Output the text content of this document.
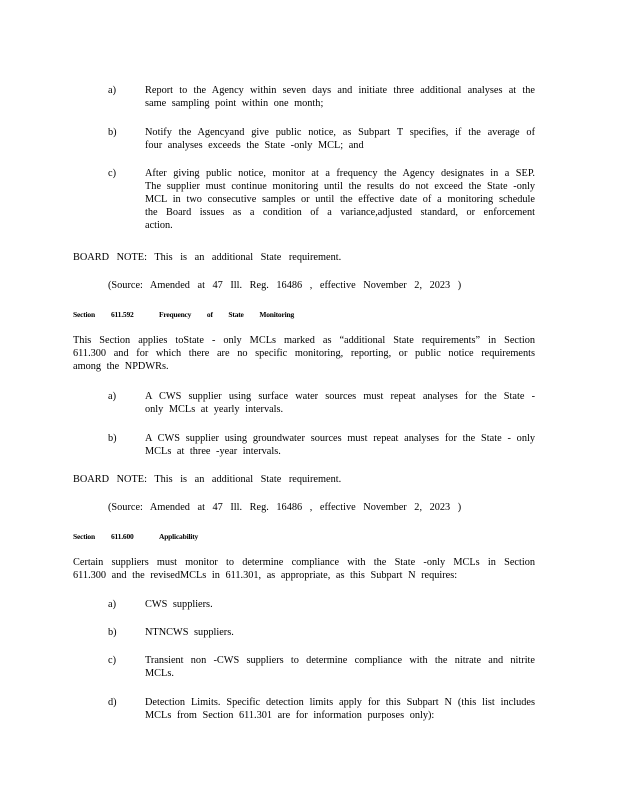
a)	Report to the Agency within seven days and initiate three additional analyses at the same sampling point within one month;
b)	Notify the Agencyand give public notice, as Subpart T specifies, if the average of four analyses exceeds the State -only MCL; and
c)	After giving public notice, monitor at a frequency the Agency designates in a SEP. The supplier must continue monitoring until the results do not exceed the State -only MCL in two consecutive samples or until the effective date of a monitoring schedule the Board issues as a condition of a variance,adjusted standard, or enforcement action.
BOARD NOTE: This is an additional State requirement.
(Source: Amended at 47 Ill. Reg. 16486 , effective November 2, 2023 )
Section 611.592	Frequency of State Monitoring
This Section applies toState - only MCLs marked as “additional State requirements” in Section 611.300 and for which there are no specific monitoring, reporting, or public notice requirements among the NPDWRs.
a)	A CWS supplier using surface water sources must repeat analyses for the State - only MCLs at yearly intervals.
b)	A CWS supplier using groundwater sources must repeat analyses for the State - only MCLs at three -year intervals.
BOARD NOTE: This is an additional State requirement.
(Source: Amended at 47 Ill. Reg. 16486 , effective November 2, 2023 )
Section 611.600	Applicability
Certain suppliers must monitor to determine compliance with the State -only MCLs in Section 611.300 and the revisedMCLs in 611.301, as appropriate, as this Subpart N requires:
a)	CWS suppliers.
b)	NTNCWS suppliers.
c)	Transient non -CWS suppliers to determine compliance with the nitrate and nitrite MCLs.
d)	Detection Limits. Specific detection limits apply for this Subpart N (this list includes MCLs from Section 611.301 are for information purposes only):
